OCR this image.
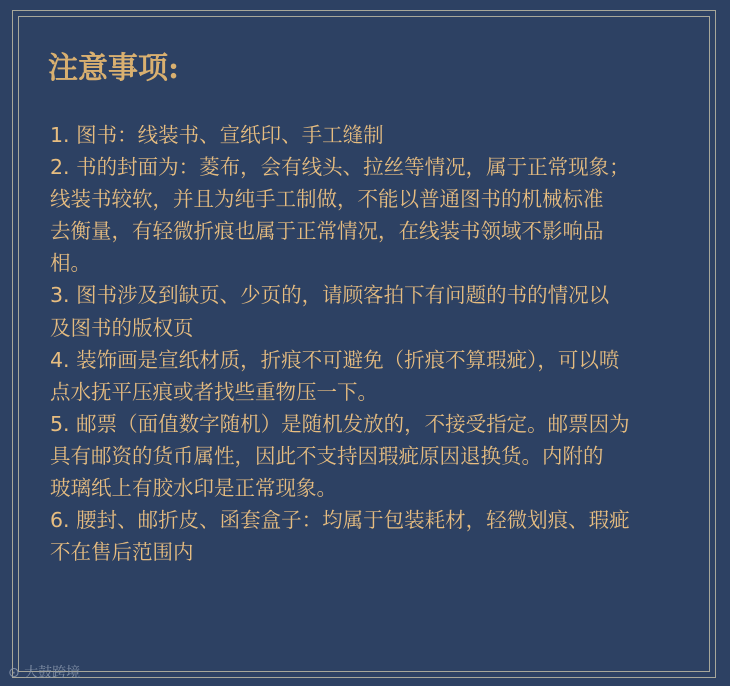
注意事项:
1. 图书：线装书、宣纸印、手工缝制
2. 书的封面为：菱布，会有线头、拉丝等情况，属于正常现象；
线装书较软，并且为纯手工制做，不能以普通图书的机械标准
去衡量，有轻微折痕也属于正常情况，在线装书领域不影响品
相。
3. 图书涉及到缺页、少页的，请顾客拍下有问题的书的情况以
及图书的版权页
4. 装饰画是宣纸材质，折痕不可避免（折痕不算瑕疵），可以喷
点水抚平压痕或者找些重物压一下。
5. 邮票（面值数字随机）是随机发放的，不接受指定。邮票因为
具有邮资的货币属性，因此不支持因瑕疵原因退换货。内附的
玻璃纸上有胶水印是正常现象。
6. 腰封、邮折皮、函套盒子：均属于包装耗材，轻微划痕、瑕疵
不在售后范围内
⊙ 大鼓跨境
